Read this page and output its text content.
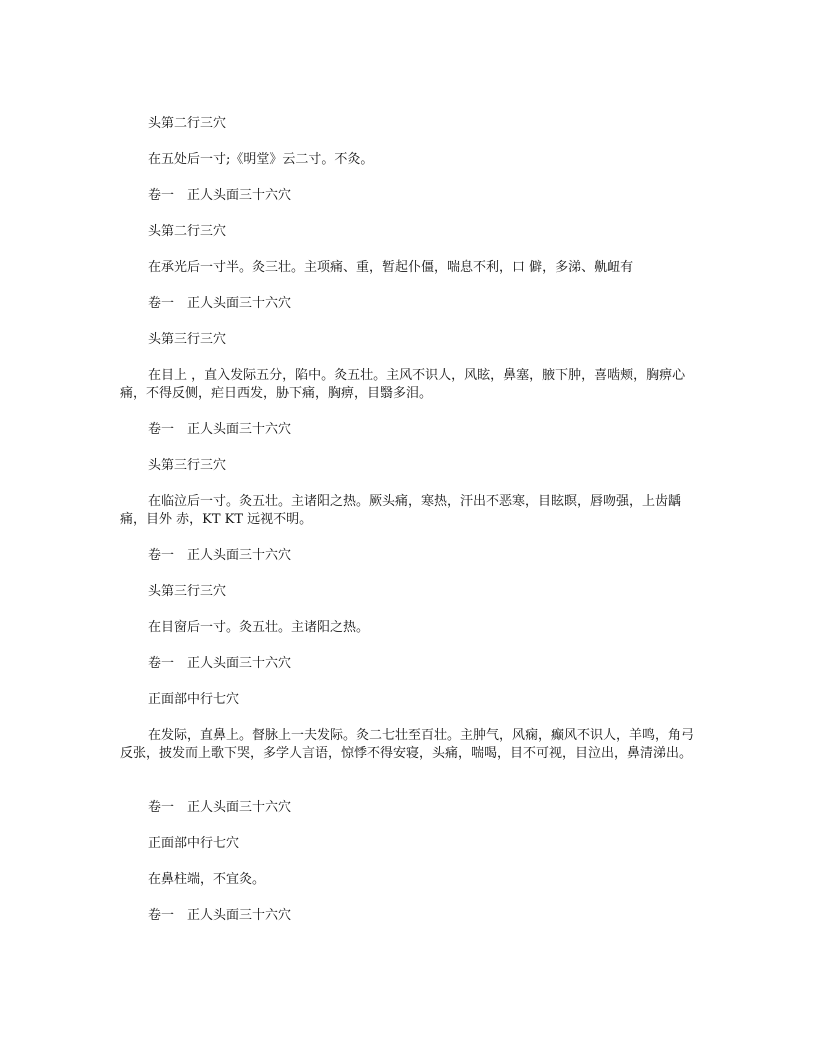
头第二行三穴

在五处后一寸;《明堂》云二寸。不灸。

卷一　正人头面三十六穴

头第二行三穴

在承光后一寸半。灸三壮。主项痛、重，暂起仆僵，喘息不利，口 僻，多涕、鼽衄有

卷一　正人头面三十六穴

头第三行三穴

在目上 ，直入发际五分，陷中。灸五壮。主风不识人，风眩，鼻塞，腋下肿，喜啮颊，胸痹心痛，不得反侧，疟日西发，胁下痛，胸痹，目翳多泪。

卷一　正人头面三十六穴

头第三行三穴

在临泣后一寸。灸五壮。主诸阳之热。厥头痛，寒热，汗出不恶寒，目眩瞑，唇吻强，上齿龋痛，目外 赤，KT KT 远视不明。

卷一　正人头面三十六穴

头第三行三穴

在目窗后一寸。灸五壮。主诸阳之热。

卷一　正人头面三十六穴

正面部中行七穴

在发际，直鼻上。督脉上一夫发际。灸二七壮至百壮。主肿气，风痫，癫风不识人，羊鸣，角弓反张，披发而上歌下哭，多学人言语，惊悸不得安寝，头痛，喘喝，目不可视，目泣出，鼻清涕出。

卷一　正人头面三十六穴

正面部中行七穴

在鼻柱端，不宜灸。

卷一　正人头面三十六穴
